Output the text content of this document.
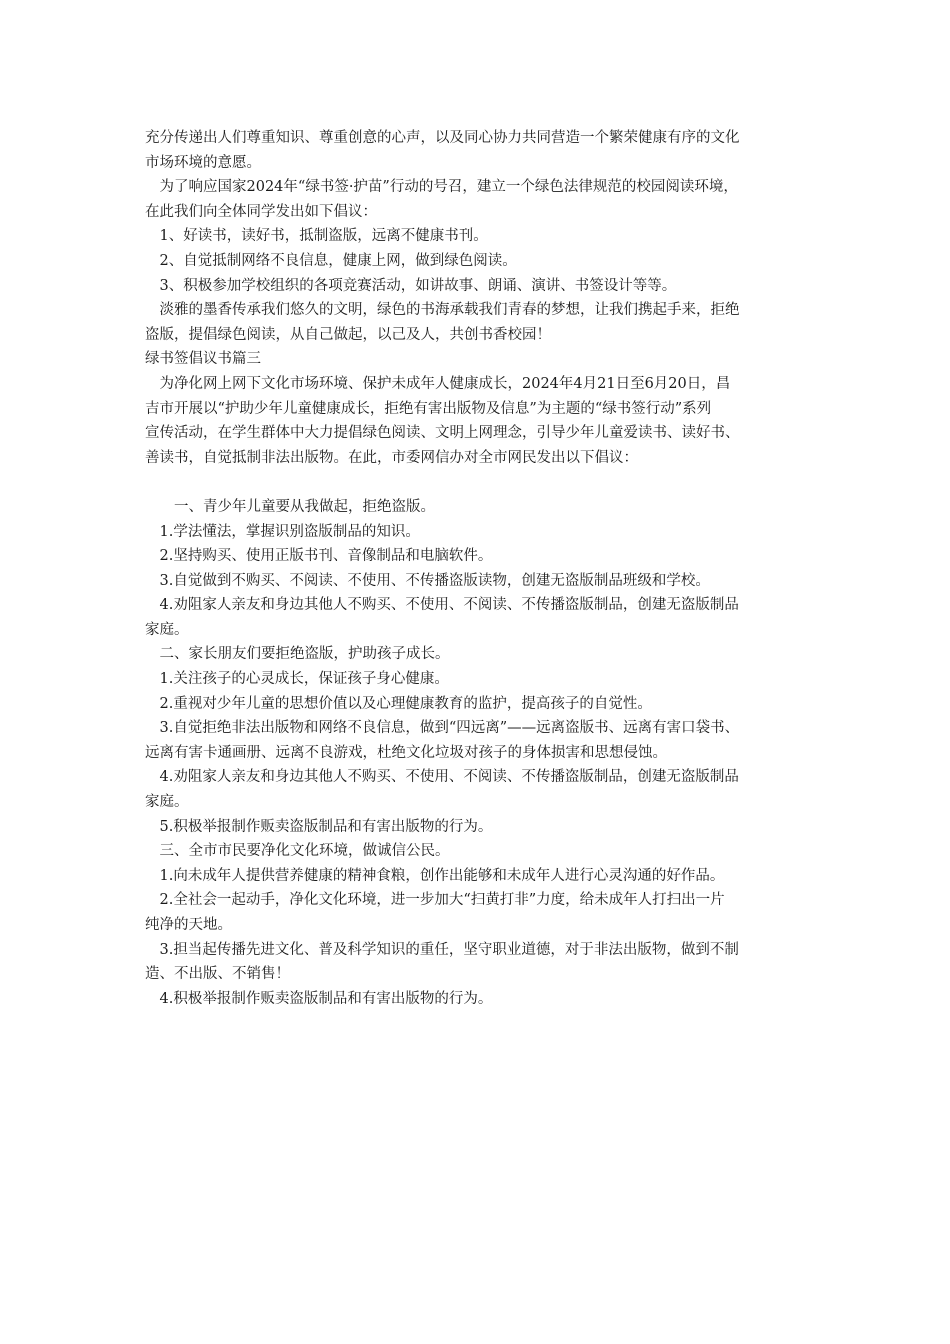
充分传递出人们尊重知识、尊重创意的心声，以及同心协力共同营造一个繁荣健康有序的文化
市场环境的意愿。
　为了响应国家2024年“绿书签·护苗”行动的号召，建立一个绿色法律规范的校园阅读环境，
在此我们向全体同学发出如下倡议：
　1、好读书，读好书，抵制盗版，远离不健康书刊。
　2、自觉抵制网络不良信息，健康上网，做到绿色阅读。
　3、积极参加学校组织的各项竞赛活动，如讲故事、朗诵、演讲、书签设计等等。
　淡雅的墨香传承我们悠久的文明，绿色的书海承载我们青春的梦想，让我们携起手来，拒绝
盗版，提倡绿色阅读，从自己做起，以己及人，共创书香校园！
绿书签倡议书篇三
　为净化网上网下文化市场环境、保护未成年人健康成长，2024年4月21日至6月20日，昌
吉市开展以“护助少年儿童健康成长，拒绝有害出版物及信息”为主题的“绿书签行动”系列
宣传活动，在学生群体中大力提倡绿色阅读、文明上网理念，引导少年儿童爱读书、读好书、
善读书，自觉抵制非法出版物。在此，市委网信办对全市网民发出以下倡议：
　　一、青少年儿童要从我做起，拒绝盗版。
　1.学法懂法，掌握识别盗版制品的知识。
　2.坚持购买、使用正版书刊、音像制品和电脑软件。
　3.自觉做到不购买、不阅读、不使用、不传播盗版读物，创建无盗版制品班级和学校。
　4.劝阻家人亲友和身边其他人不购买、不使用、不阅读、不传播盗版制品，创建无盗版制品
家庭。
　二、家长朋友们要拒绝盗版，护助孩子成长。
　1.关注孩子的心灵成长，保证孩子身心健康。
　2.重视对少年儿童的思想价值以及心理健康教育的监护，提高孩子的自觉性。
　3.自觉拒绝非法出版物和网络不良信息，做到“四远离”——远离盗版书、远离有害口袋书、
远离有害卡通画册、远离不良游戏，杜绝文化垃圾对孩子的身体损害和思想侵蚀。
　4.劝阻家人亲友和身边其他人不购买、不使用、不阅读、不传播盗版制品，创建无盗版制品
家庭。
　5.积极举报制作贩卖盗版制品和有害出版物的行为。
　三、全市市民要净化文化环境，做诚信公民。
　1.向未成年人提供营养健康的精神食粮，创作出能够和未成年人进行心灵沟通的好作品。
　2.全社会一起动手，净化文化环境，进一步加大“扫黄打非”力度，给未成年人打扫出一片
纯净的天地。
　3.担当起传播先进文化、普及科学知识的重任，坚守职业道德，对于非法出版物，做到不制
造、不出版、不销售！
　4.积极举报制作贩卖盗版制品和有害出版物的行为。
